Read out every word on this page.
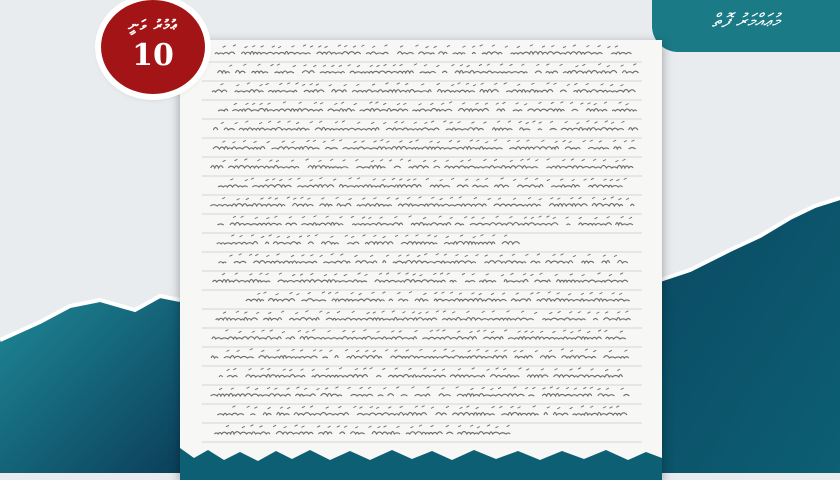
މުޢައްމަރު ފޮތް
ޢުމުރު ވަނީ
10
